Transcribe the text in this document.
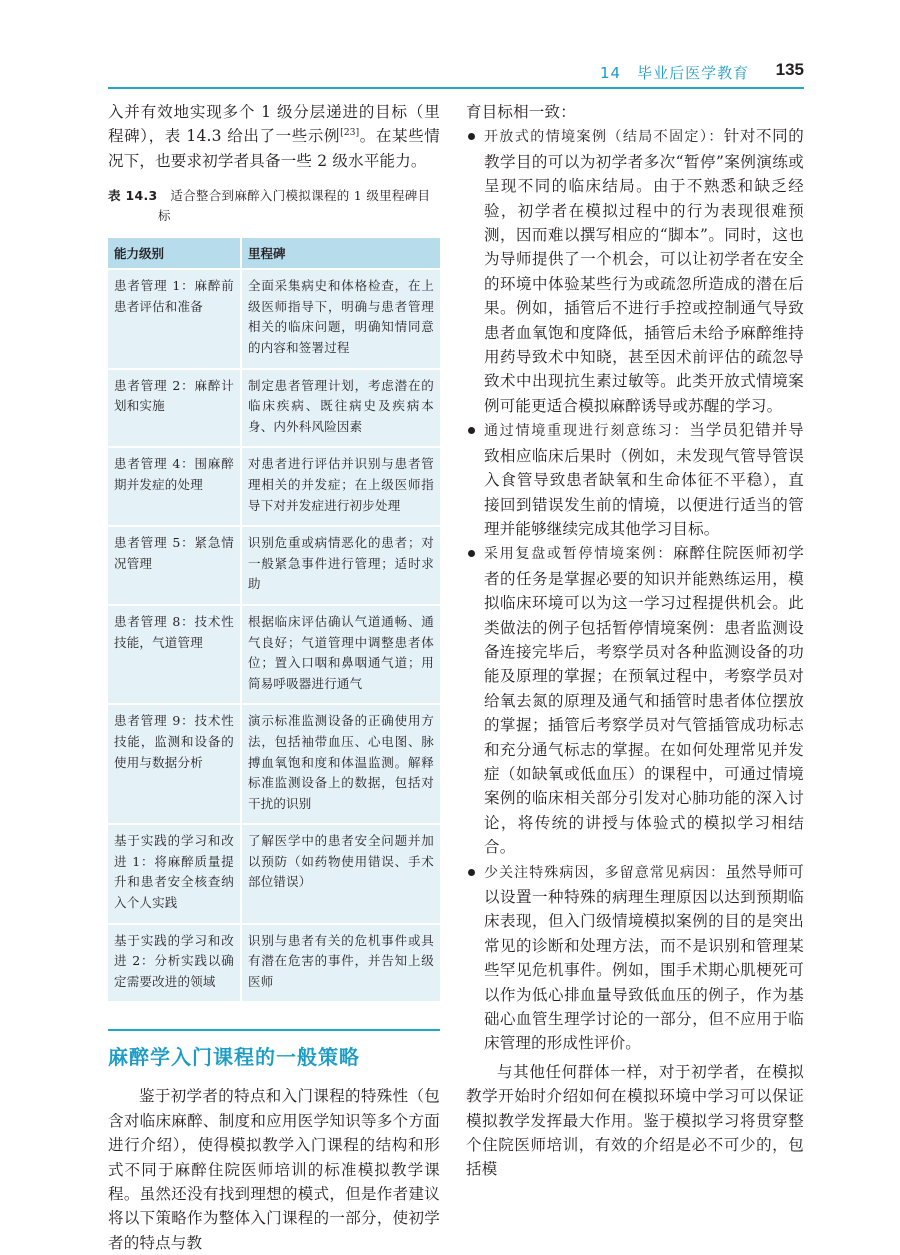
14　毕业后医学教育 135

入并有效地实现多个 1 级分层递进的目标（里程碑），表 14.3 给出了一些示例[23]。在某些情况下，也要求初学者具备一些 2 级水平能力。

表 14.3　 适合整合到麻醉入门模拟课程的 1 级里程碑目标
能力级别	里程碑
患者管理 1：麻醉前患者评估和准备	全面采集病史和体格检查，在上级医师指导下，明确与患者管理相关的临床问题，明确知情同意的内容和签署过程
患者管理 2：麻醉计划和实施	制定患者管理计划，考虑潜在的临床疾病、既往病史及疾病本身、内外科风险因素
患者管理 4：围麻醉期并发症的处理	对患者进行评估并识别与患者管理相关的并发症；在上级医师指导下对并发症进行初步处理
患者管理 5：紧急情况管理	识别危重或病情恶化的患者；对一般紧急事件进行管理；适时求助
患者管理 8：技术性技能，气道管理	根据临床评估确认气道通畅、通气良好；气道管理中调整患者体位；置入口咽和鼻咽通气道；用简易呼吸器进行通气
患者管理 9：技术性技能，监测和设备的使用与数据分析	演示标准监测设备的正确使用方法，包括袖带血压、心电图、脉搏血氧饱和度和体温监测。解释标准监测设备上的数据，包括对干扰的识别
基于实践的学习和改进 1：将麻醉质量提升和患者安全核查纳入个人实践	了解医学中的患者安全问题并加以预防（如药物使用错误、手术部位错误）
基于实践的学习和改进 2：分析实践以确定需要改进的领域	识别与患者有关的危机事件或具有潜在危害的事件，并告知上级医师
麻醉学入门课程的一般策略

鉴于初学者的特点和入门课程的特殊性（包含对临床麻醉、制度和应用医学知识等多个方面进行介绍），使得模拟教学入门课程的结构和形式不同于麻醉住院医师培训的标准模拟教学课程。虽然还没有找到理想的模式，但是作者建议将以下策略作为整体入门课程的一部分，使初学者的特点与教

育目标相一致：

开放式的情境案例（结局不固定）：针对不同的教学目的可以为初学者多次“暂停”案例演练或呈现不同的临床结局。由于不熟悉和缺乏经验，初学者在模拟过程中的行为表现很难预测，因而难以撰写相应的“脚本”。同时，这也为导师提供了一个机会，可以让初学者在安全的环境中体验某些行为或疏忽所造成的潜在后果。例如，插管后不进行手控或控制通气导致患者血氧饱和度降低，插管后未给予麻醉维持用药导致术中知晓，甚至因术前评估的疏忽导致术中出现抗生素过敏等。此类开放式情境案例可能更适合模拟麻醉诱导或苏醒的学习。
通过情境重现进行刻意练习：当学员犯错并导致相应临床后果时（例如，未发现气管导管误入食管导致患者缺氧和生命体征不平稳），直接回到错误发生前的情境，以便进行适当的管理并能够继续完成其他学习目标。
采用复盘或暂停情境案例：麻醉住院医师初学者的任务是掌握必要的知识并能熟练运用，模拟临床环境可以为这一学习过程提供机会。此类做法的例子包括暂停情境案例：患者监测设备连接完毕后，考察学员对各种监测设备的功能及原理的掌握；在预氧过程中，考察学员对给氧去氮的原理及通气和插管时患者体位摆放的掌握；插管后考察学员对气管插管成功标志和充分通气标志的掌握。在如何处理常见并发症（如缺氧或低血压）的课程中，可通过情境案例的临床相关部分引发对心肺功能的深入讨论，将传统的讲授与体验式的模拟学习相结合。
少关注特殊病因，多留意常见病因：虽然导师可以设置一种特殊的病理生理原因以达到预期临床表现，但入门级情境模拟案例的目的是突出常见的诊断和处理方法，而不是识别和管理某些罕见危机事件。例如，围手术期心肌梗死可以作为低心排血量导致低血压的例子，作为基础心血管生理学讨论的一部分，但不应用于临床管理的形成性评价。

与其他任何群体一样，对于初学者，在模拟教学开始时介绍如何在模拟环境中学习可以保证模拟教学发挥最大作用。鉴于模拟学习将贯穿整个住院医师培训，有效的介绍是必不可少的，包括模
